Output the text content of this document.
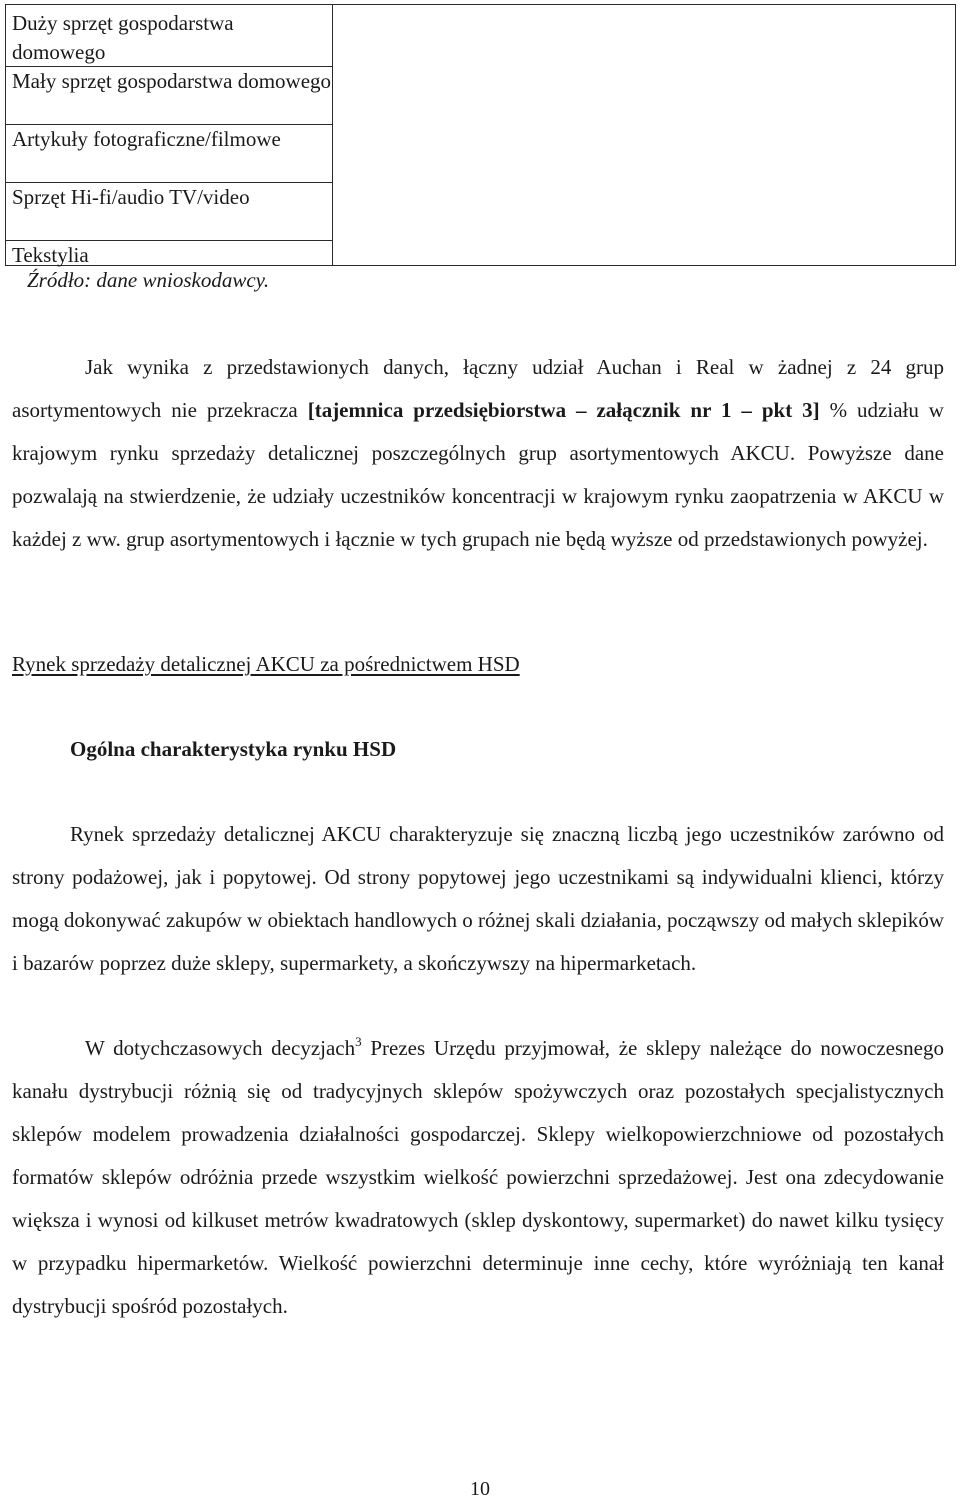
Duży sprzęt gospodarstwa domowego
Mały sprzęt gospodarstwa domowego
Artykuły fotograficzne/filmowe
Sprzęt Hi-fi/audio TV/video
Tekstylia
Źródło: dane wnioskodawcy.

Jak wynika z przedstawionych danych, łączny udział Auchan i Real w żadnej z 24 grup asortymentowych nie przekracza [tajemnica przedsiębiorstwa – załącznik nr 1 – pkt 3] % udziału w krajowym rynku sprzedaży detalicznej poszczególnych grup asortymentowych AKCU. Powyższe dane pozwalają na stwierdzenie, że udziały uczestników koncentracji w krajowym rynku zaopatrzenia w AKCU w każdej z ww. grup asortymentowych i łącznie w tych grupach nie będą wyższe od przedstawionych powyżej.

Rynek sprzedaży detalicznej AKCU za pośrednictwem HSD
Ogólna charakterystyka rynku HSD

Rynek sprzedaży detalicznej AKCU charakteryzuje się znaczną liczbą jego uczestników zarówno od strony podażowej, jak i popytowej. Od strony popytowej jego uczestnikami są indywidualni klienci, którzy mogą dokonywać zakupów w obiektach handlowych o różnej skali działania, począwszy od małych sklepików i bazarów poprzez duże sklepy, supermarkety, a skończywszy na hipermarketach.

W dotychczasowych decyzjach$^3$ Prezes Urzędu przyjmował, że sklepy należące do nowoczesnego kanału dystrybucji różnią się od tradycyjnych sklepów spożywczych oraz pozostałych specjalistycznych sklepów modelem prowadzenia działalności gospodarczej. Sklepy wielkopowierzchniowe od pozostałych formatów sklepów odróżnia przede wszystkim wielkość powierzchni sprzedażowej. Jest ona zdecydowanie większa i wynosi od kilkuset metrów kwadratowych (sklep dyskontowy, supermarket) do nawet kilku tysięcy w przypadku hipermarketów. Wielkość powierzchni determinuje inne cechy, które wyróżniają ten kanał dystrybucji spośród pozostałych.

10
